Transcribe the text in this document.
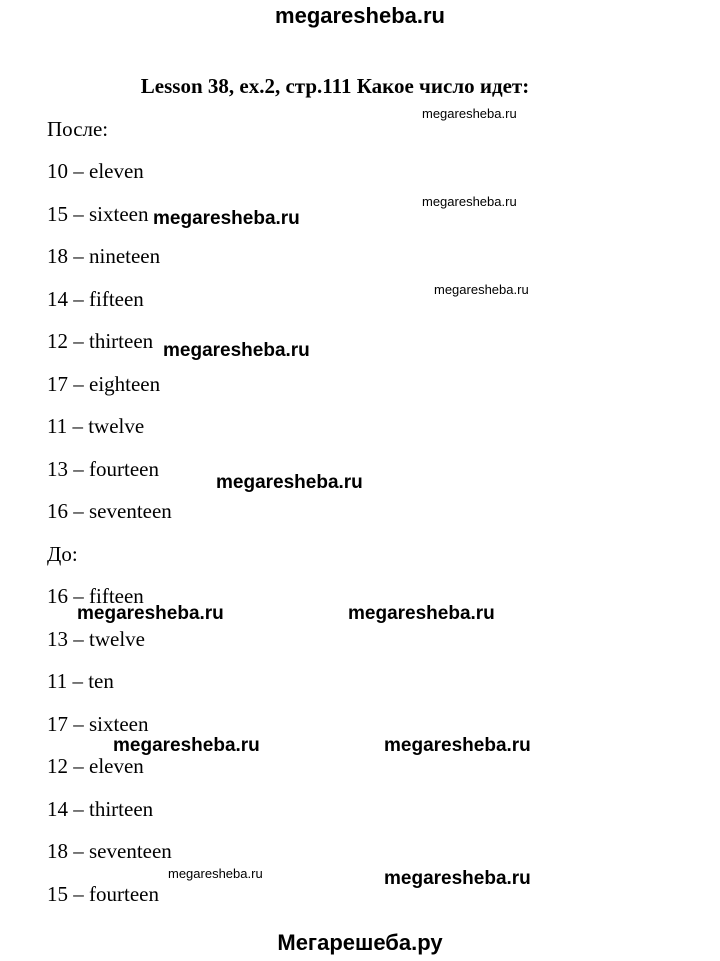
megaresheba.ru
Lesson 38, ex.2, стр.111 Какое число идет:
После:
10 – eleven
15 – sixteen
18 – nineteen
14 – fifteen
12 – thirteen
17 – eighteen
11 – twelve
13 – fourteen
16 – seventeen
До:
16 – fifteen
13 – twelve
11 – ten
17 – sixteen
12 – eleven
14 – thirteen
18 – seventeen
15 – fourteen
megaresheba.ru
megaresheba.ru
megaresheba.ru
megaresheba.ru
megaresheba.ru
megaresheba.ru
megaresheba.ru	megaresheba.ru
megaresheba.ru	megaresheba.ru
megaresheba.ru	megaresheba.ru
Мегарешеба.ру
